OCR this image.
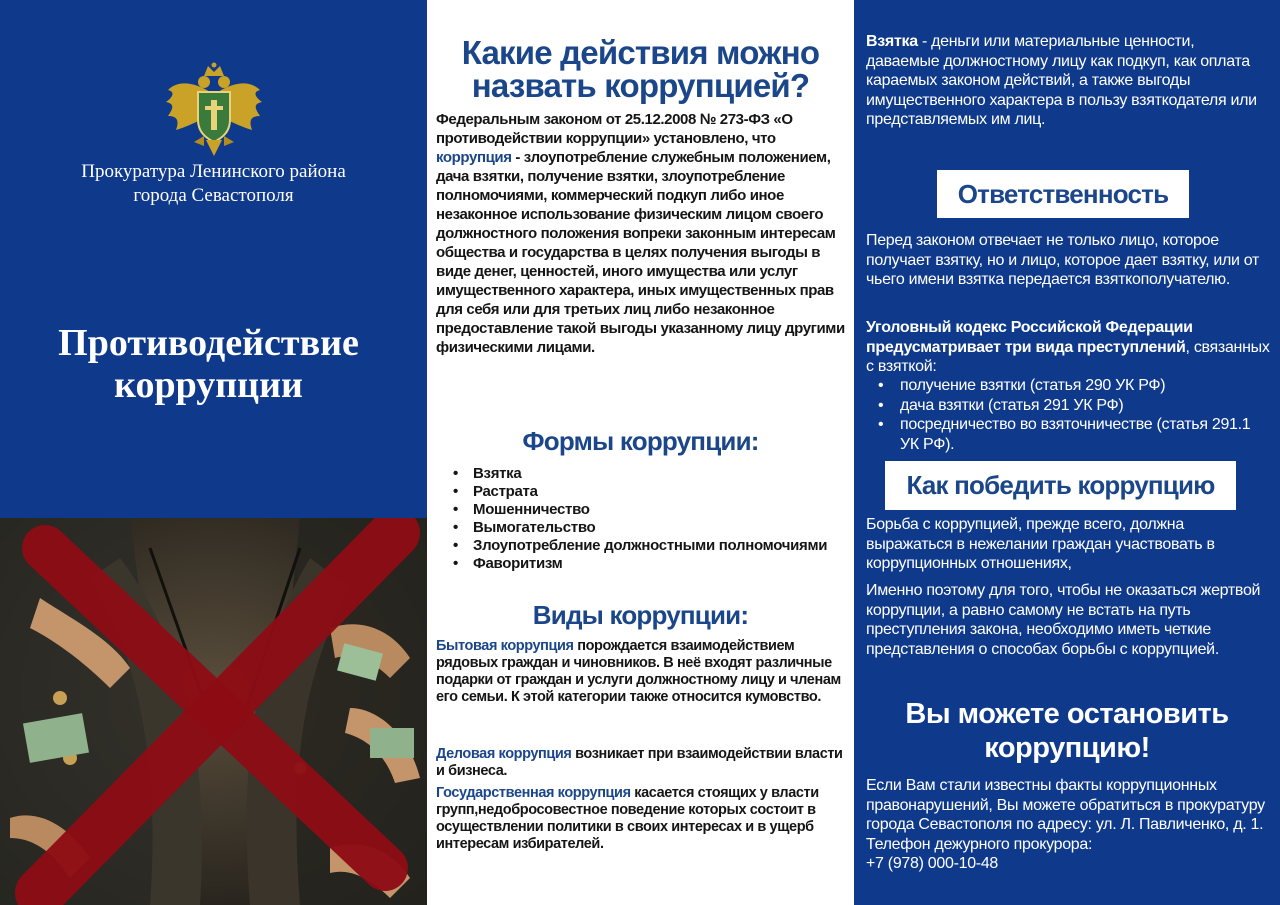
Прокуратура Ленинского района
города Севастополя
Противодействие
коррупции
Какие действия можно
назвать коррупцией?

Федеральным законом от 25.12.2008 № 273-ФЗ «О противодействии коррупции» установлено, что коррупция - злоупотребление служебным положением, дача взятки, получение взятки, злоупотребление полномочиями, коммерческий подкуп либо иное незаконное использование физическим лицом своего должностного положения вопреки законным интересам общества и государства в целях получения выгоды в виде денег, ценностей, иного имущества или услуг имущественного характера, иных имущественных прав для себя или для третьих лиц либо незаконное предоставление такой выгоды указанному лицу другими физическими лицами.

Формы коррупции:
• Взятка
• Растрата
• Мошенничество
• Вымогательство
• Злоупотребление должностными полномочиями
• Фаворитизм
Виды коррупции:

Бытовая коррупция порождается взаимодействием рядовых граждан и чиновников. В неё входят различные подарки от граждан и услуги должностному лицу и членам его семьи. К этой категории также относится кумовство.

Деловая коррупция возникает при взаимодействии власти и бизнеса.

Государственная коррупция касается стоящих у власти групп,недобросовестное поведение которых состоит в осуществлении политики в своих интересах и в ущерб интересам избирателей.

Взятка - деньги или материальные ценности, даваемые должностному лицу как подкуп, как оплата караемых законом действий, а также выгоды имущественного характера в пользу взяткодателя или представляемых им лиц.

Ответственность

Перед законом отвечает не только лицо, которое получает взятку, но и лицо, которое дает взятку, или от чьего имени взятка передается взяткополучателю.

Уголовный кодекс Российской Федерации предусматривает три вида преступлений, связанных с взяткой:

• получение взятки (статья 290 УК РФ)
• дача взятки (статья 291 УК РФ)
• посредничество во взяточничестве (статья 291.1 УК РФ).
Как победить коррупцию

Борьба с коррупцией, прежде всего, должна выражаться в нежелании граждан участвовать в коррупционных отношениях,

Именно поэтому для того, чтобы не оказаться жертвой коррупции, а равно самому не встать на путь преступления закона, необходимо иметь четкие представления о способах борьбы с коррупцией.

Вы можете остановить
коррупцию!

Если Вам стали известны факты коррупционных правонарушений, Вы можете обратиться в прокуратуру города Севастополя по адресу: ул. Л. Павличенко, д. 1.

Телефон дежурного прокурора:

+7 (978) 000-10-48
